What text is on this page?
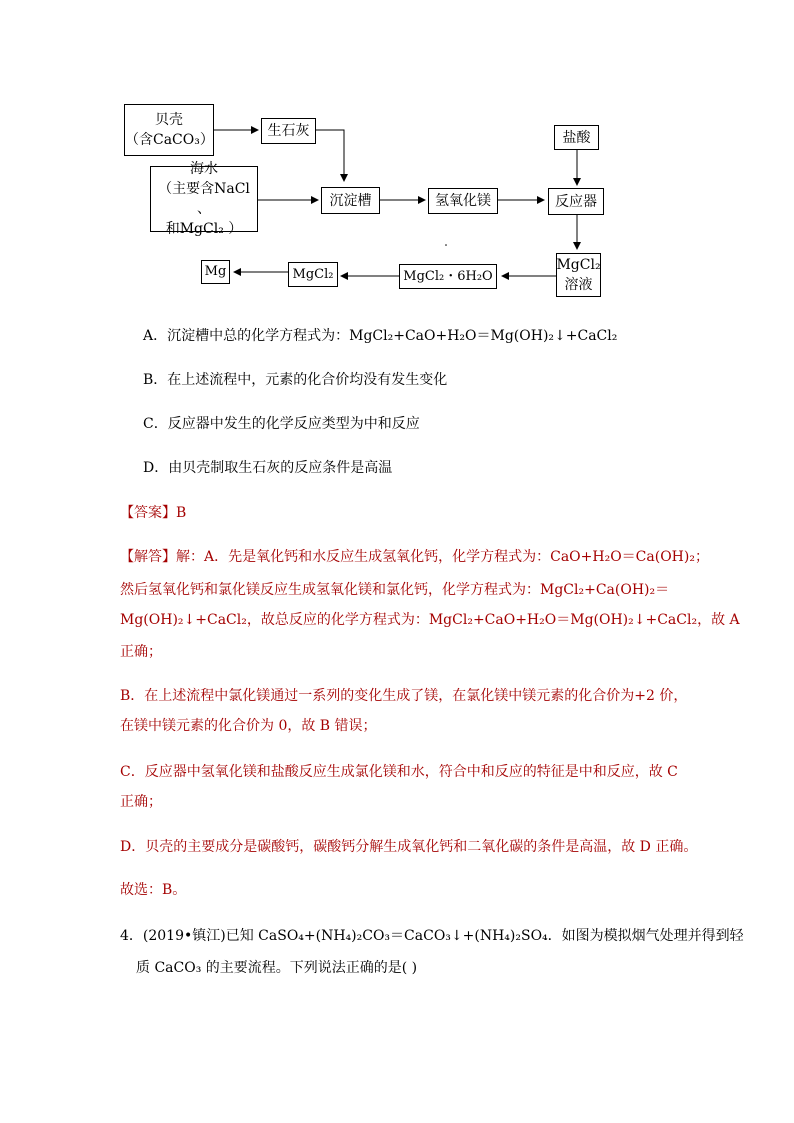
贝壳
（含CaCO₃）
生石灰
海水
（主要含NaCl 、
和MgCl₂ ）
沉淀槽	氢氧化镁
盐酸
反应器
MgCl₂
溶液
MgCl₂・6H₂O
MgCl₂
Mg
A．沉淀槽中总的化学方程式为：MgCl₂+CaO+H₂O＝Mg(OH)₂↓+CaCl₂
B．在上述流程中，元素的化合价均没有发生变化
C．反应器中发生的化学反应类型为中和反应
D．由贝壳制取生石灰的反应条件是高温
【答案】B
【解答】解：A．先是氧化钙和水反应生成氢氧化钙，化学方程式为：CaO+H₂O＝Ca(OH)₂；
然后氢氧化钙和氯化镁反应生成氢氧化镁和氯化钙，化学方程式为：MgCl₂+Ca(OH)₂＝
Mg(OH)₂↓+CaCl₂，故总反应的化学方程式为：MgCl₂+CaO+H₂O＝Mg(OH)₂↓+CaCl₂，故 A
正确；
B．在上述流程中氯化镁通过一系列的变化生成了镁，在氯化镁中镁元素的化合价为+2 价，
在镁中镁元素的化合价为 0，故 B 错误；
C．反应器中氢氧化镁和盐酸反应生成氯化镁和水，符合中和反应的特征是中和反应，故 C
正确；
D．贝壳的主要成分是碳酸钙，碳酸钙分解生成氧化钙和二氧化碳的条件是高温，故 D 正确。
故选：B。
4．(2019•镇江)已知 CaSO₄+(NH₄)₂CO₃＝CaCO₃↓+(NH₄)₂SO₄．如图为模拟烟气处理并得到轻
质 CaCO₃ 的主要流程。下列说法正确的是( )
